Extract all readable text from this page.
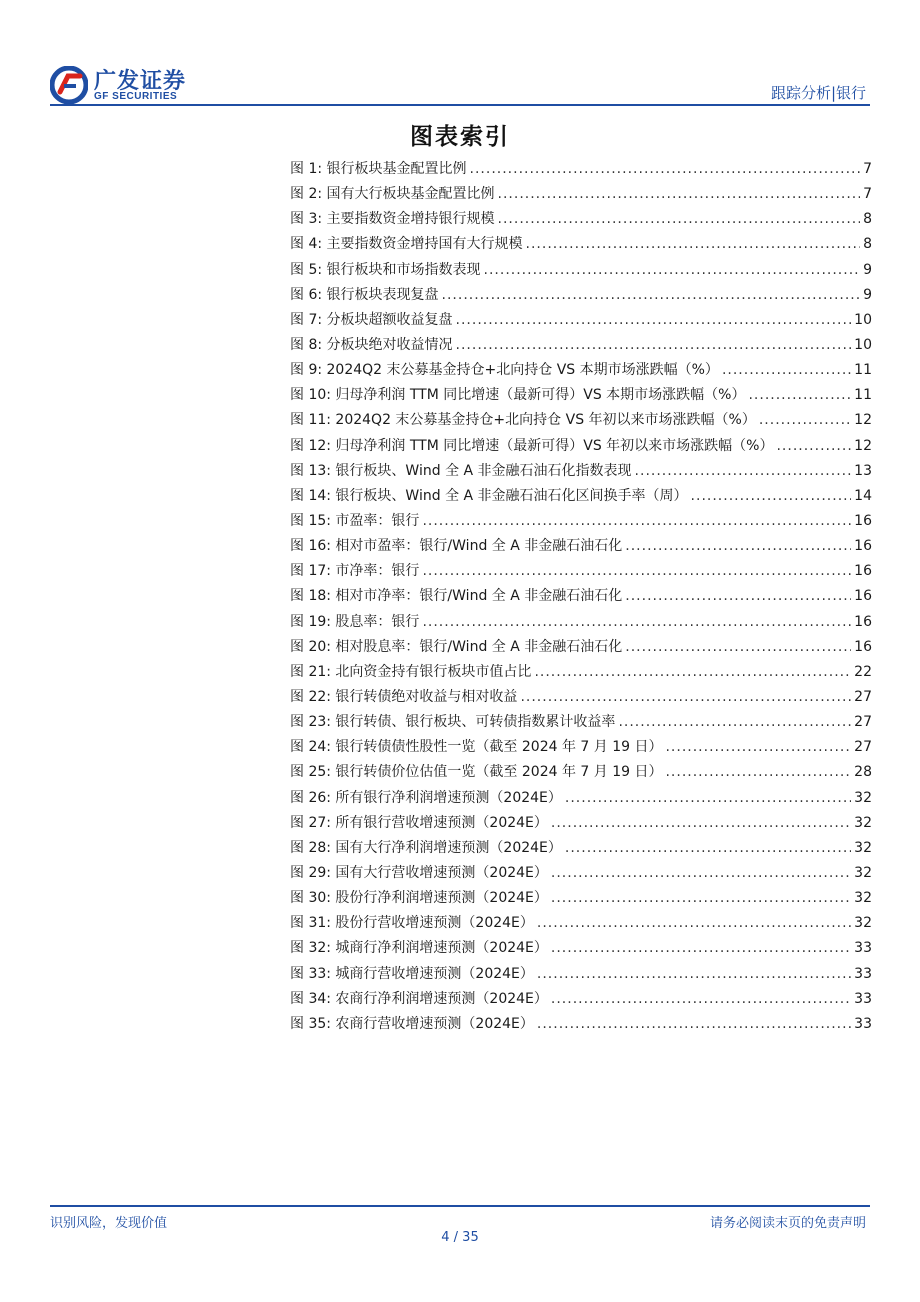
广发证券
GF SECURITIES	跟踪分析|银行
图表索引
图 1: 银行板块基金配置比例 .....	7
图 2: 国有大行板块基金配置比例 .....	7
图 3: 主要指数资金增持银行规模 .....	8
图 4: 主要指数资金增持国有大行规模 .....	8
图 5: 银行板块和市场指数表现 .....	9
图 6: 银行板块表现复盘 .....	9
图 7: 分板块超额收益复盘 .....	10
图 8: 分板块绝对收益情况 .....	10
图 9: 2024Q2 末公募基金持仓+北向持仓 VS 本期市场涨跌幅（%） .....	11
图 10: 归母净利润 TTM 同比增速（最新可得）VS 本期市场涨跌幅（%） .....	11
图 11: 2024Q2 末公募基金持仓+北向持仓 VS 年初以来市场涨跌幅（%） .....	12
图 12: 归母净利润 TTM 同比增速（最新可得）VS 年初以来市场涨跌幅（%） .....	12
图 13: 银行板块、Wind 全 A 非金融石油石化指数表现 .....	13
图 14: 银行板块、Wind 全 A 非金融石油石化区间换手率（周） .....	14
图 15: 市盈率：银行 .....	16
图 16: 相对市盈率：银行/Wind 全 A 非金融石油石化 .....	16
图 17: 市净率：银行 .....	16
图 18: 相对市净率：银行/Wind 全 A 非金融石油石化 .....	16
图 19: 股息率：银行 .....	16
图 20: 相对股息率：银行/Wind 全 A 非金融石油石化 .....	16
图 21: 北向资金持有银行板块市值占比 .....	22
图 22: 银行转债绝对收益与相对收益 .....	27
图 23: 银行转债、银行板块、可转债指数累计收益率 .....	27
图 24: 银行转债债性股性一览（截至 2024 年 7 月 19 日） .....	27
图 25: 银行转债价位估值一览（截至 2024 年 7 月 19 日） .....	28
图 26: 所有银行净利润增速预测（2024E） .....	32
图 27: 所有银行营收增速预测（2024E） .....	32
图 28: 国有大行净利润增速预测（2024E） .....	32
图 29: 国有大行营收增速预测（2024E） .....	32
图 30: 股份行净利润增速预测（2024E） .....	32
图 31: 股份行营收增速预测（2024E） .....	32
图 32: 城商行净利润增速预测（2024E） .....	33
图 33: 城商行营收增速预测（2024E） .....	33
图 34: 农商行净利润增速预测（2024E） .....	33
图 35: 农商行营收增速预测（2024E） .....	33
识别风险，发现价值	请务必阅读末页的免责声明
4 / 35
